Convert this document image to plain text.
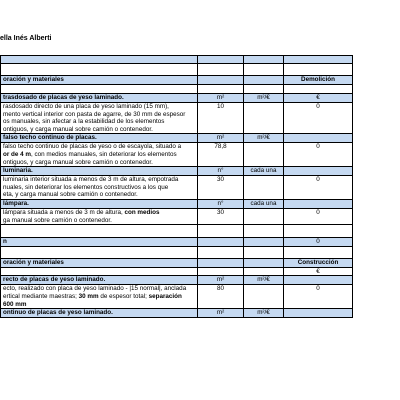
ella Inés Alberti

oración y materiales			Demolición

trasdosado de placas de yeso laminado.	m²	m²/€	€

rasdosado directo de una placa de yeso laminado (15 mm),
mento vertical interior con pasta de agarre, de 30 mm de espesor
os manuales, sin afectar a la estabilidad de los elementos
ontiguos, y carga manual sobre camión o contenedor.	10		0
falso techo continuo de placas.	m²	m²/€	

falso techo continuo de placas de yeso o de escayola, situado a
or de 4 m, con medios manuales, sin deteriorar los elementos
ontiguos, y carga manual sobre camión o contenedor.	78,8		0
luminaria.	n°	cada una	

luminaria interior situada a menos de 3 m de altura, empotrada
nuales, sin deteriorar los elementos constructivos a los que
eta, y carga manual sobre camión o contenedor.	30		0
lámpara.	n°	cada una	

lámpara situada a menos de 3 m de altura, con medios
ga manual sobre camión o contenedor.	30		0

n			0

oración y materiales			Construcción
			€
recto de placas de yeso laminado.	m²	m²/€	

ecto, realizado con placa de yeso laminado - |15 normal|, anclada
ertical mediante maestras; 30 mm de espesor total; separación
600 mm	80		0
ontinuo de placas de yeso laminado.	m²	m²/€	
